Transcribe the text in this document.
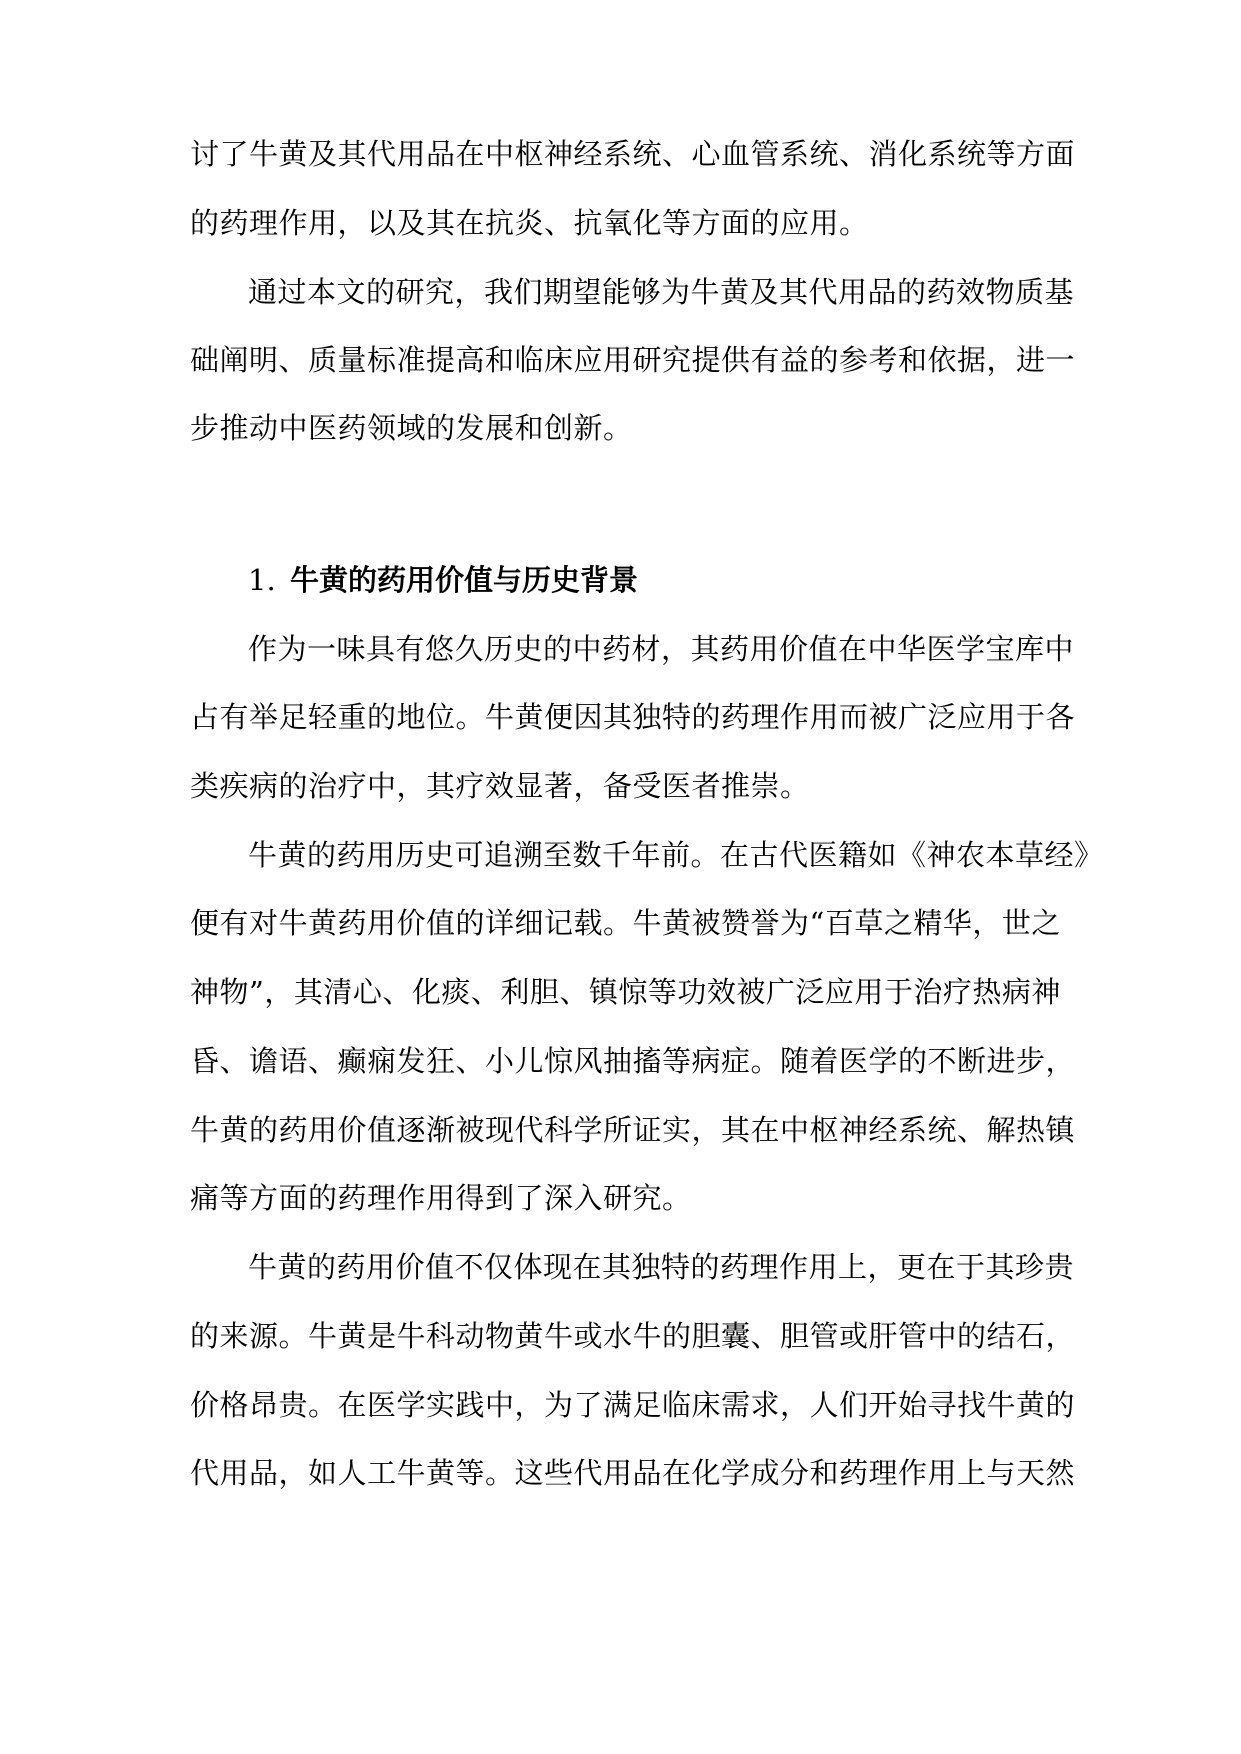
讨了牛黄及其代用品在中枢神经系统、心血管系统、消化系统等方面
的药理作用，以及其在抗炎、抗氧化等方面的应用。
通过本文的研究，我们期望能够为牛黄及其代用品的药效物质基
础阐明、质量标准提高和临床应用研究提供有益的参考和依据，进一
步推动中医药领域的发展和创新。
1. 牛黄的药用价值与历史背景
作为一味具有悠久历史的中药材，其药用价值在中华医学宝库中
占有举足轻重的地位。牛黄便因其独特的药理作用而被广泛应用于各
类疾病的治疗中，其疗效显著，备受医者推崇。
牛黄的药用历史可追溯至数千年前。在古代医籍如《神农本草经》
便有对牛黄药用价值的详细记载。牛黄被赞誉为“百草之精华，世之
神物”，其清心、化痰、利胆、镇惊等功效被广泛应用于治疗热病神
昏、谵语、癫痫发狂、小儿惊风抽搐等病症。随着医学的不断进步，
牛黄的药用价值逐渐被现代科学所证实，其在中枢神经系统、解热镇
痛等方面的药理作用得到了深入研究。
牛黄的药用价值不仅体现在其独特的药理作用上，更在于其珍贵
的来源。牛黄是牛科动物黄牛或水牛的胆囊、胆管或肝管中的结石，
价格昂贵。在医学实践中，为了满足临床需求，人们开始寻找牛黄的
代用品，如人工牛黄等。这些代用品在化学成分和药理作用上与天然
